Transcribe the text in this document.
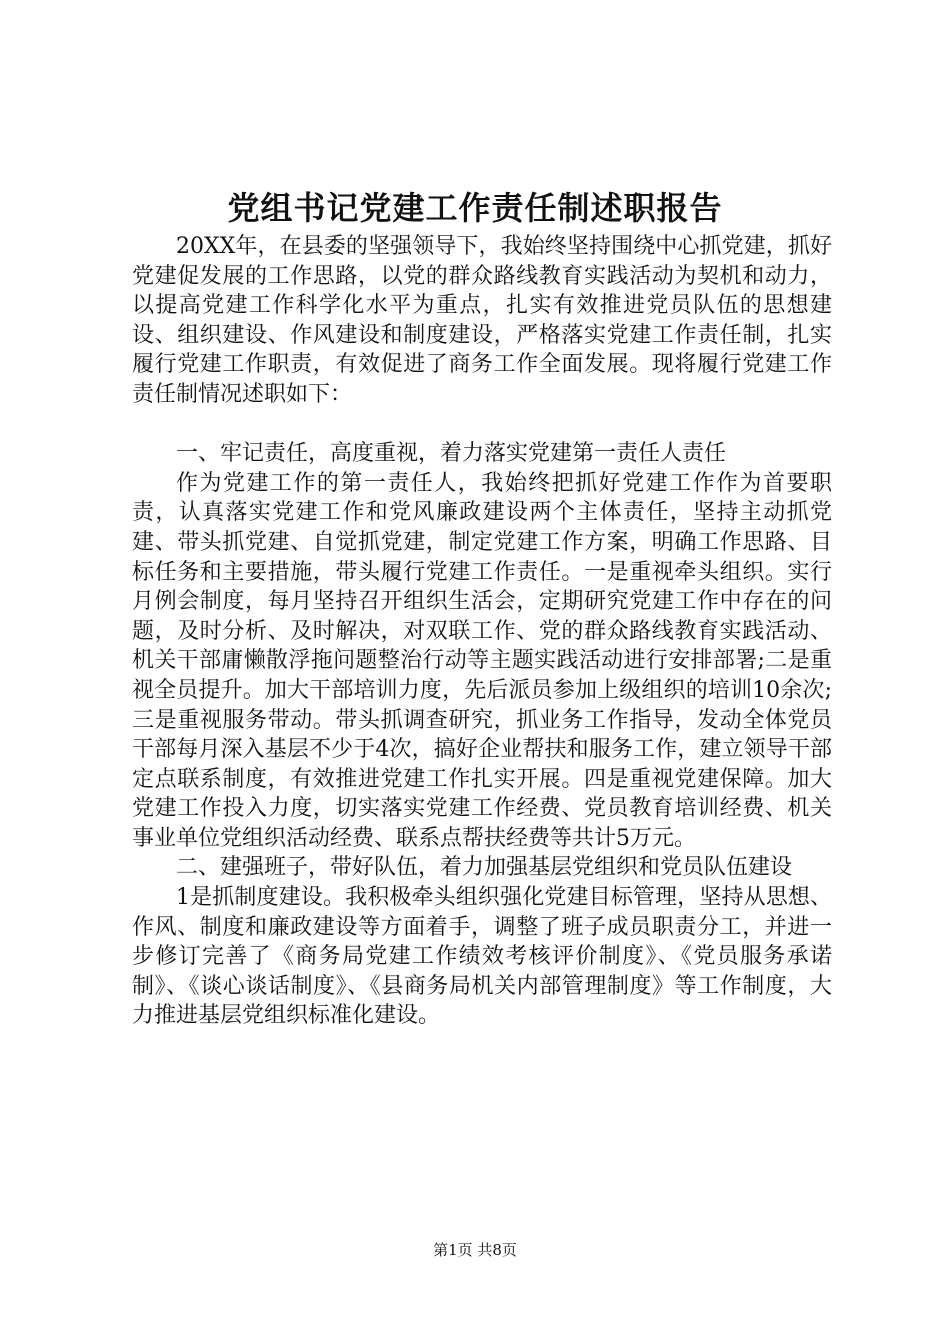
党组书记党建工作责任制述职报告

20XX年，在县委的坚强领导下，我始终坚持围绕中心抓党建，抓好党建促发展的工作思路，以党的群众路线教育实践活动为契机和动力，以提高党建工作科学化水平为重点，扎实有效推进党员队伍的思想建设、组织建设、作风建设和制度建设，严格落实党建工作责任制，扎实履行党建工作职责，有效促进了商务工作全面发展。现将履行党建工作责任制情况述职如下：

一、牢记责任，高度重视，着力落实党建第一责任人责任

作为党建工作的第一责任人，我始终把抓好党建工作作为首要职责，认真落实党建工作和党风廉政建设两个主体责任，坚持主动抓党建、带头抓党建、自觉抓党建，制定党建工作方案，明确工作思路、目标任务和主要措施，带头履行党建工作责任。一是重视牵头组织。实行月例会制度，每月坚持召开组织生活会，定期研究党建工作中存在的问题，及时分析、及时解决，对双联工作、党的群众路线教育实践活动、机关干部庸懒散浮拖问题整治行动等主题实践活动进行安排部署;二是重视全员提升。加大干部培训力度，先后派员参加上级组织的培训10余次;三是重视服务带动。带头抓调查研究，抓业务工作指导，发动全体党员干部每月深入基层不少于4次，搞好企业帮扶和服务工作，建立领导干部定点联系制度，有效推进党建工作扎实开展。四是重视党建保障。加大党建工作投入力度，切实落实党建工作经费、党员教育培训经费、机关事业单位党组织活动经费、联系点帮扶经费等共计5万元。

二、建强班子，带好队伍，着力加强基层党组织和党员队伍建设

1是抓制度建设。我积极牵头组织强化党建目标管理，坚持从思想、作风、制度和廉政建设等方面着手，调整了班子成员职责分工，并进一步修订完善了《商务局党建工作绩效考核评价制度》、《党员服务承诺制》、《谈心谈话制度》、《县商务局机关内部管理制度》等工作制度，大力推进基层党组织标准化建设。

第1页 共8页
